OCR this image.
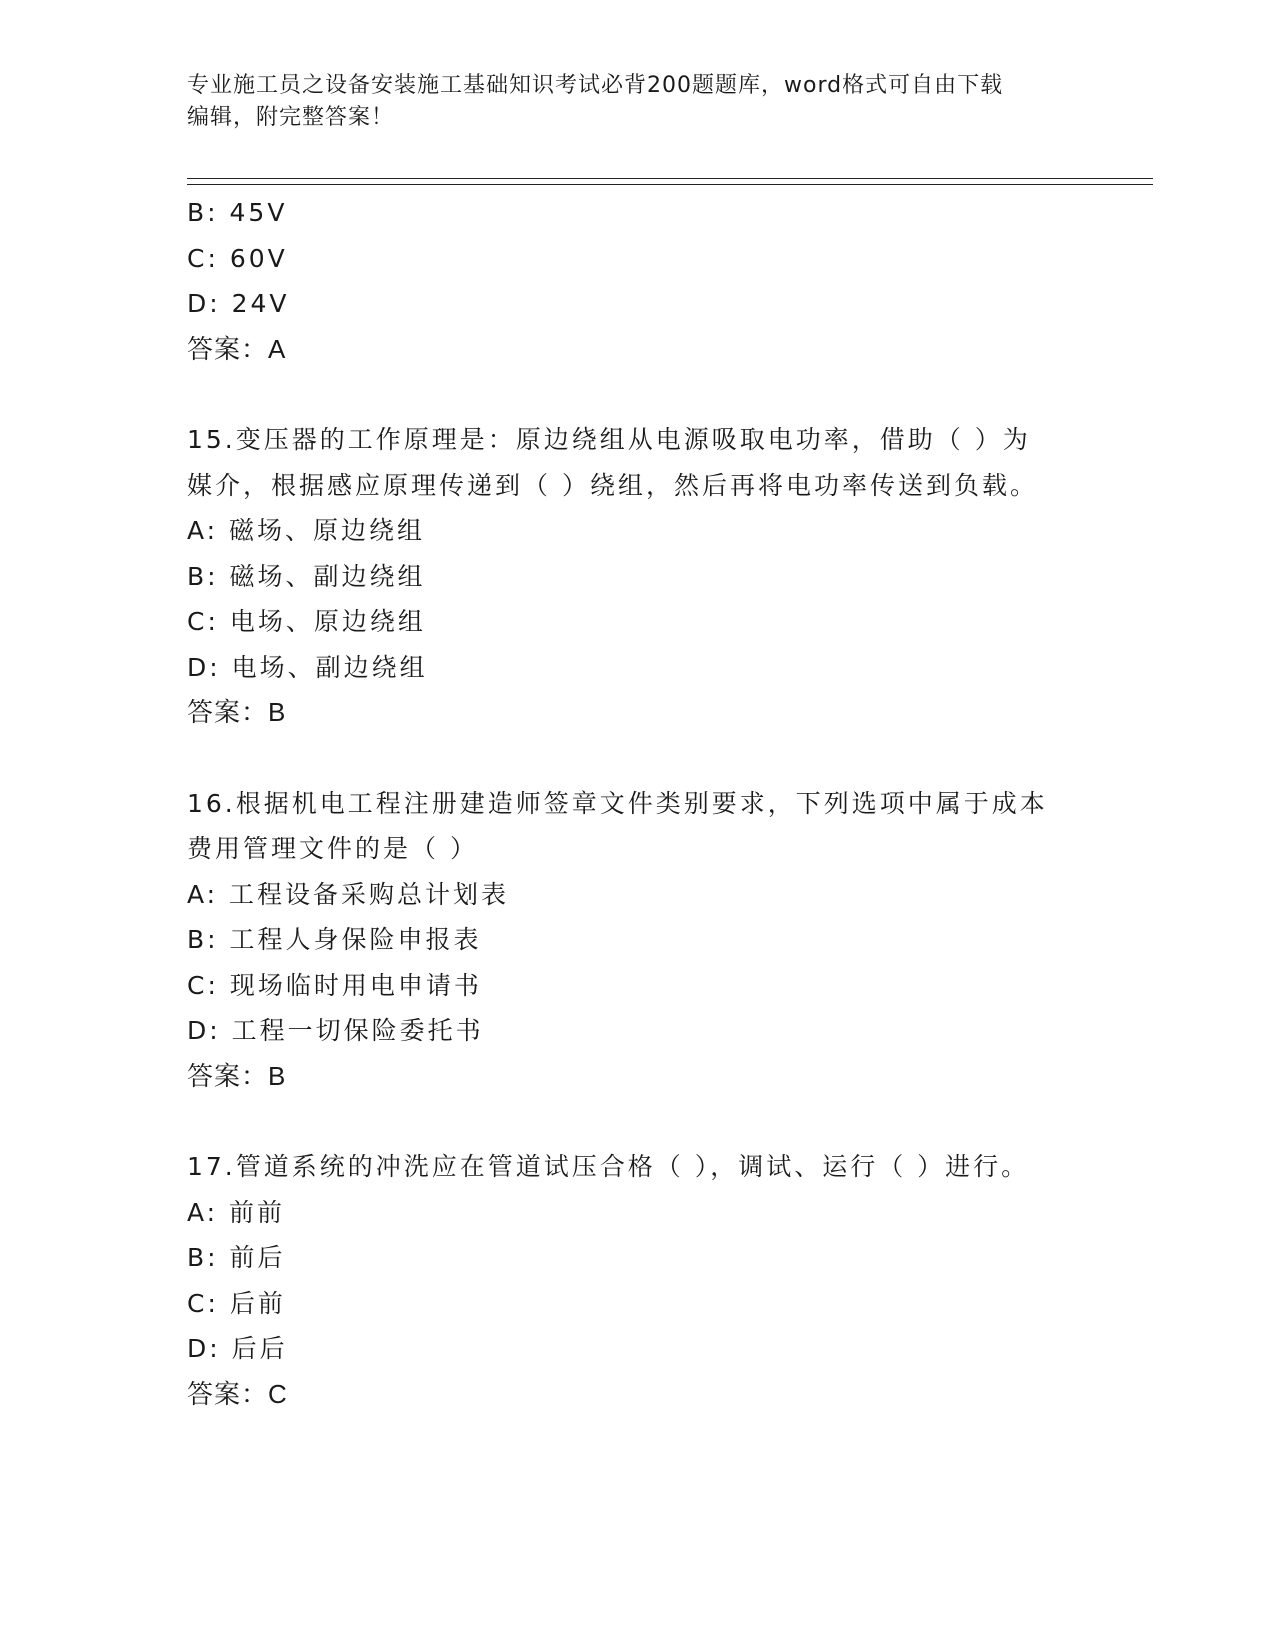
专业施工员之设备安装施工基础知识考试必背200题题库，word格式可自由下载
编辑，附完整答案！
B: 45V
C: 60V
D: 24V
答案：A
15.变压器的工作原理是：原边绕组从电源吸取电功率，借助（ ）为
媒介，根据感应原理传递到（ ）绕组，然后再将电功率传送到负载。
A: 磁场、原边绕组
B: 磁场、副边绕组
C: 电场、原边绕组
D: 电场、副边绕组
答案：B
16.根据机电工程注册建造师签章文件类别要求，下列选项中属于成本
费用管理文件的是（ ）
A: 工程设备采购总计划表
B: 工程人身保险申报表
C: 现场临时用电申请书
D: 工程一切保险委托书
答案：B
17.管道系统的冲洗应在管道试压合格（ ），调试、运行（ ）进行。
A: 前前
B: 前后
C: 后前
D: 后后
答案：C
